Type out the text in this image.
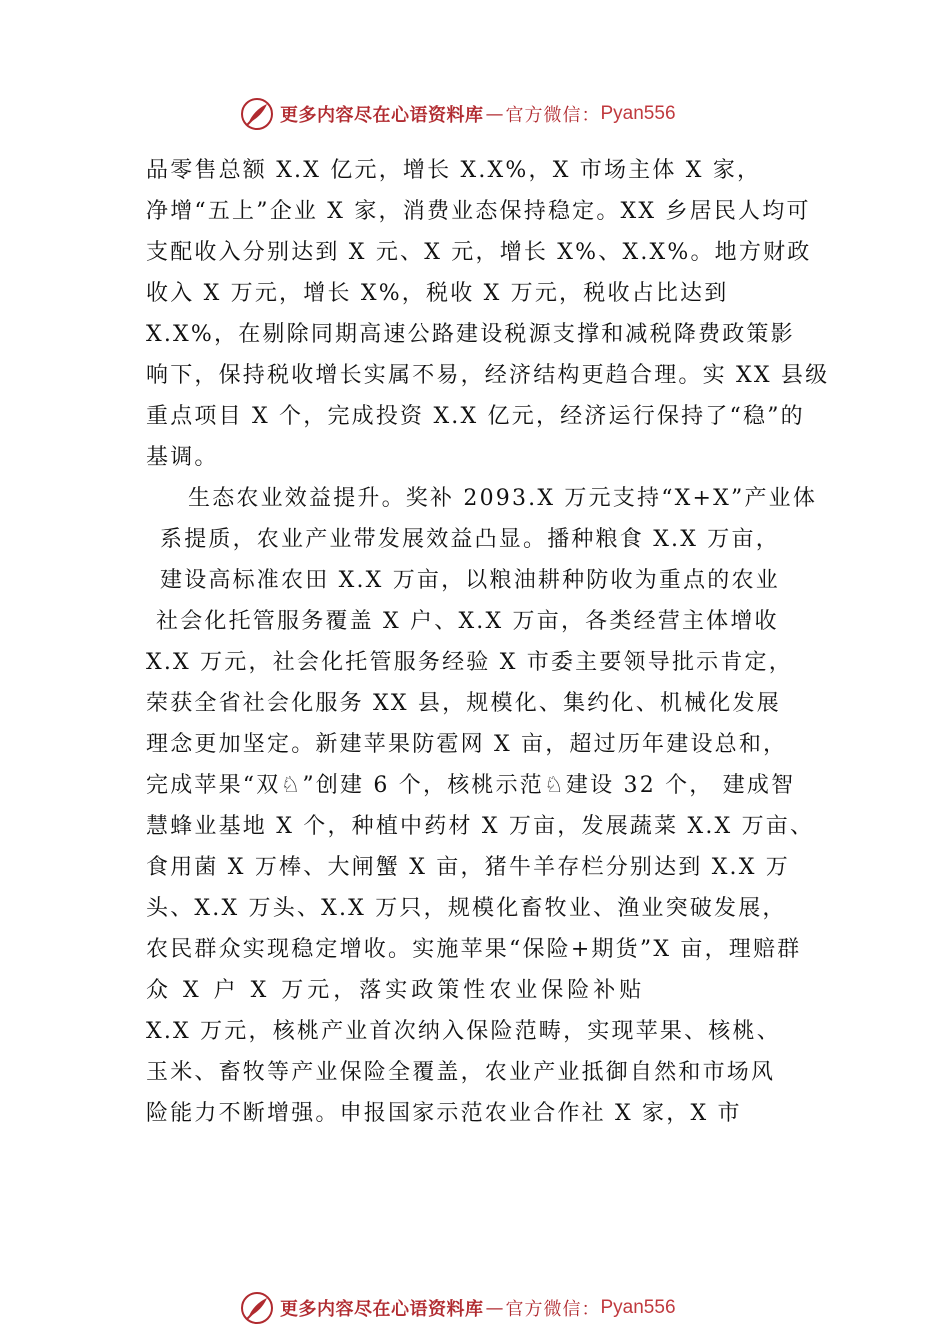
更多内容尽在心语资料库 — 官方微信： Pyan556
品零售总额 X.X 亿元，增长 X.X%，X 市场主体 X 家，
净增“五上”企业 X 家，消费业态保持稳定。XX 乡居民人均可
支配收入分别达到 X 元、X 元，增长 X%、X.X%。地方财政
收入 X 万元，增长 X%，税收 X 万元，税收占比达到
X.X%，在剔除同期高速公路建设税源支撑和减税降费政策影
响下，保持税收增长实属不易，经济结构更趋合理。实 XX 县级
重点项目 X 个，完成投资 X.X 亿元，经济运行保持了“稳”的
基调。
生态农业效益提升。奖补 2093.X 万元支持“X+X”产业体
系提质，农业产业带发展效益凸显。播种粮食 X.X 万亩，
建设高标准农田 X.X 万亩，以粮油耕种防收为重点的农业
社会化托管服务覆盖 X 户、X.X 万亩，各类经营主体增收
X.X 万元，社会化托管服务经验 X 市委主要领导批示肯定，
荣获全省社会化服务 XX 县，规模化、集约化、机械化发展
理念更加坚定。新建苹果防雹网 X 亩，超过历年建设总和，
完成苹果“双♘”创建 6 个，核桃示范♘建设 32 个， 建成智
慧蜂业基地 X 个，种植中药材 X 万亩，发展蔬菜 X.X 万亩、
食用菌 X 万棒、大闸蟹 X 亩，猪牛羊存栏分别达到 X.X 万
头、X.X 万头、X.X 万只，规模化畜牧业、渔业突破发展，
农民群众实现稳定增收。实施苹果“保险+期货”X 亩，理赔群
众 X 户 X 万元，落实政策性农业保险补贴
X.X 万元，核桃产业首次纳入保险范畴，实现苹果、核桃、
玉米、畜牧等产业保险全覆盖，农业产业抵御自然和市场风
险能力不断增强。申报国家示范农业合作社 X 家，X 市
更多内容尽在心语资料库 — 官方微信： Pyan556
